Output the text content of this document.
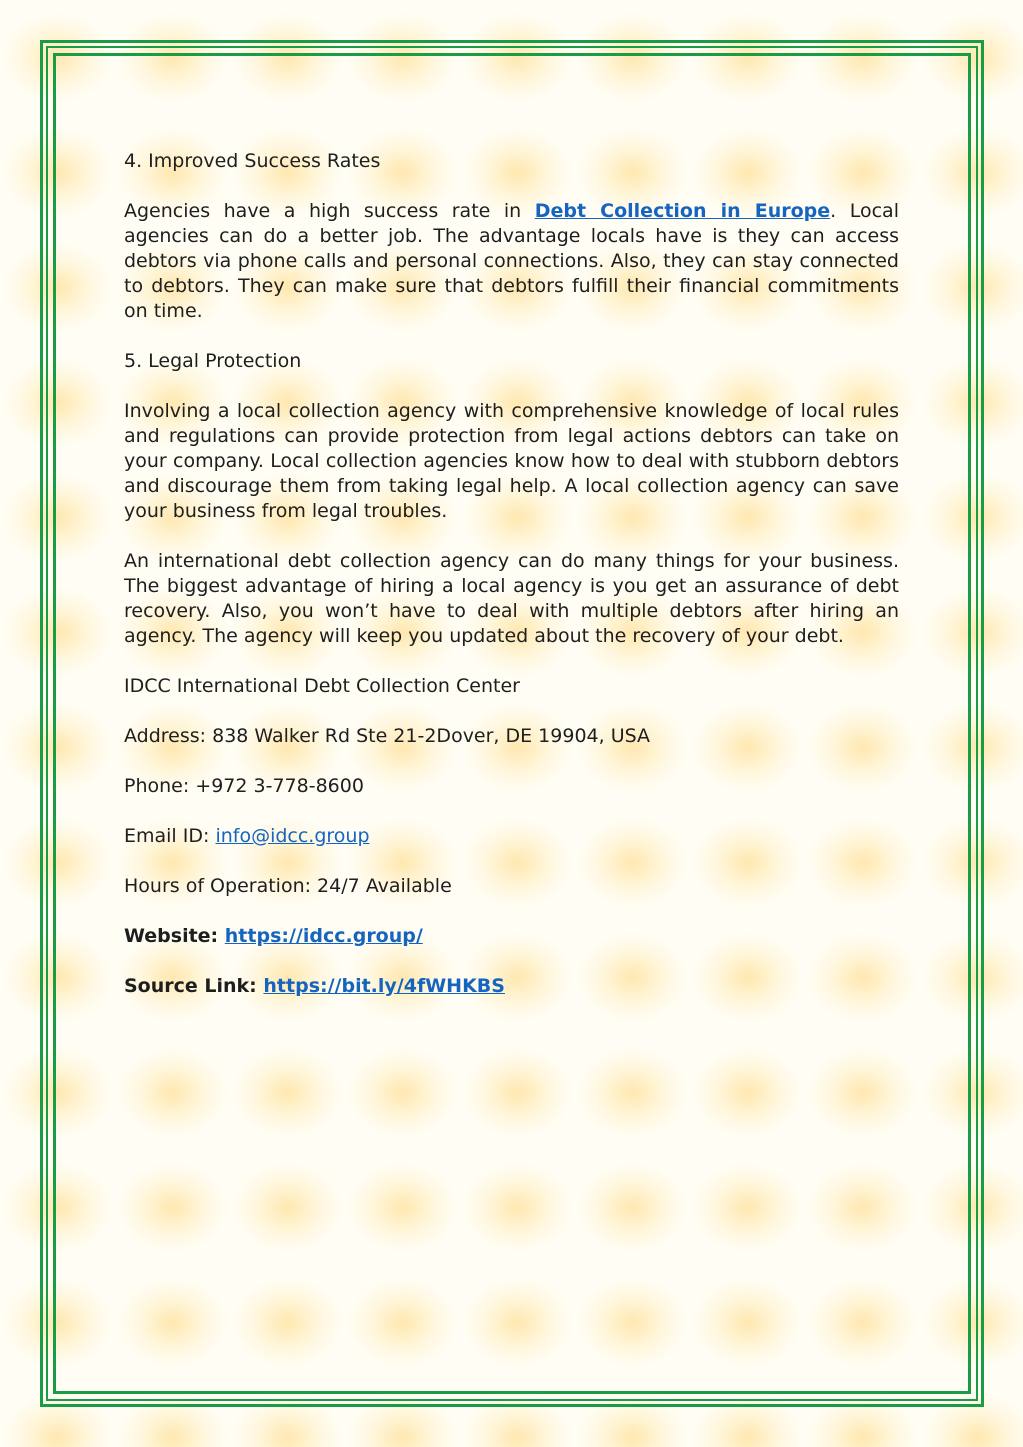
4. Improved Success Rates

Agencies have a high success rate in Debt Collection in Europe. Local agencies can do a better job. The advantage locals have is they can access debtors via phone calls and personal connections. Also, they can stay connected to debtors. They can make sure that debtors fulfill their financial commitments on time.

5. Legal Protection

Involving a local collection agency with comprehensive knowledge of local rules and regulations can provide protection from legal actions debtors can take on your company. Local collection agencies know how to deal with stubborn debtors and discourage them from taking legal help. A local collection agency can save your business from legal troubles.

An international debt collection agency can do many things for your business. The biggest advantage of hiring a local agency is you get an assurance of debt recovery. Also, you won’t have to deal with multiple debtors after hiring an agency. The agency will keep you updated about the recovery of your debt.

IDCC International Debt Collection Center

Address: 838 Walker Rd Ste 21-2Dover, DE 19904, USA

Phone: +972 3-778-8600

Email ID: info@idcc.group

Hours of Operation: 24/7 Available

Website: https://idcc.group/

Source Link: https://bit.ly/4fWHKBS
